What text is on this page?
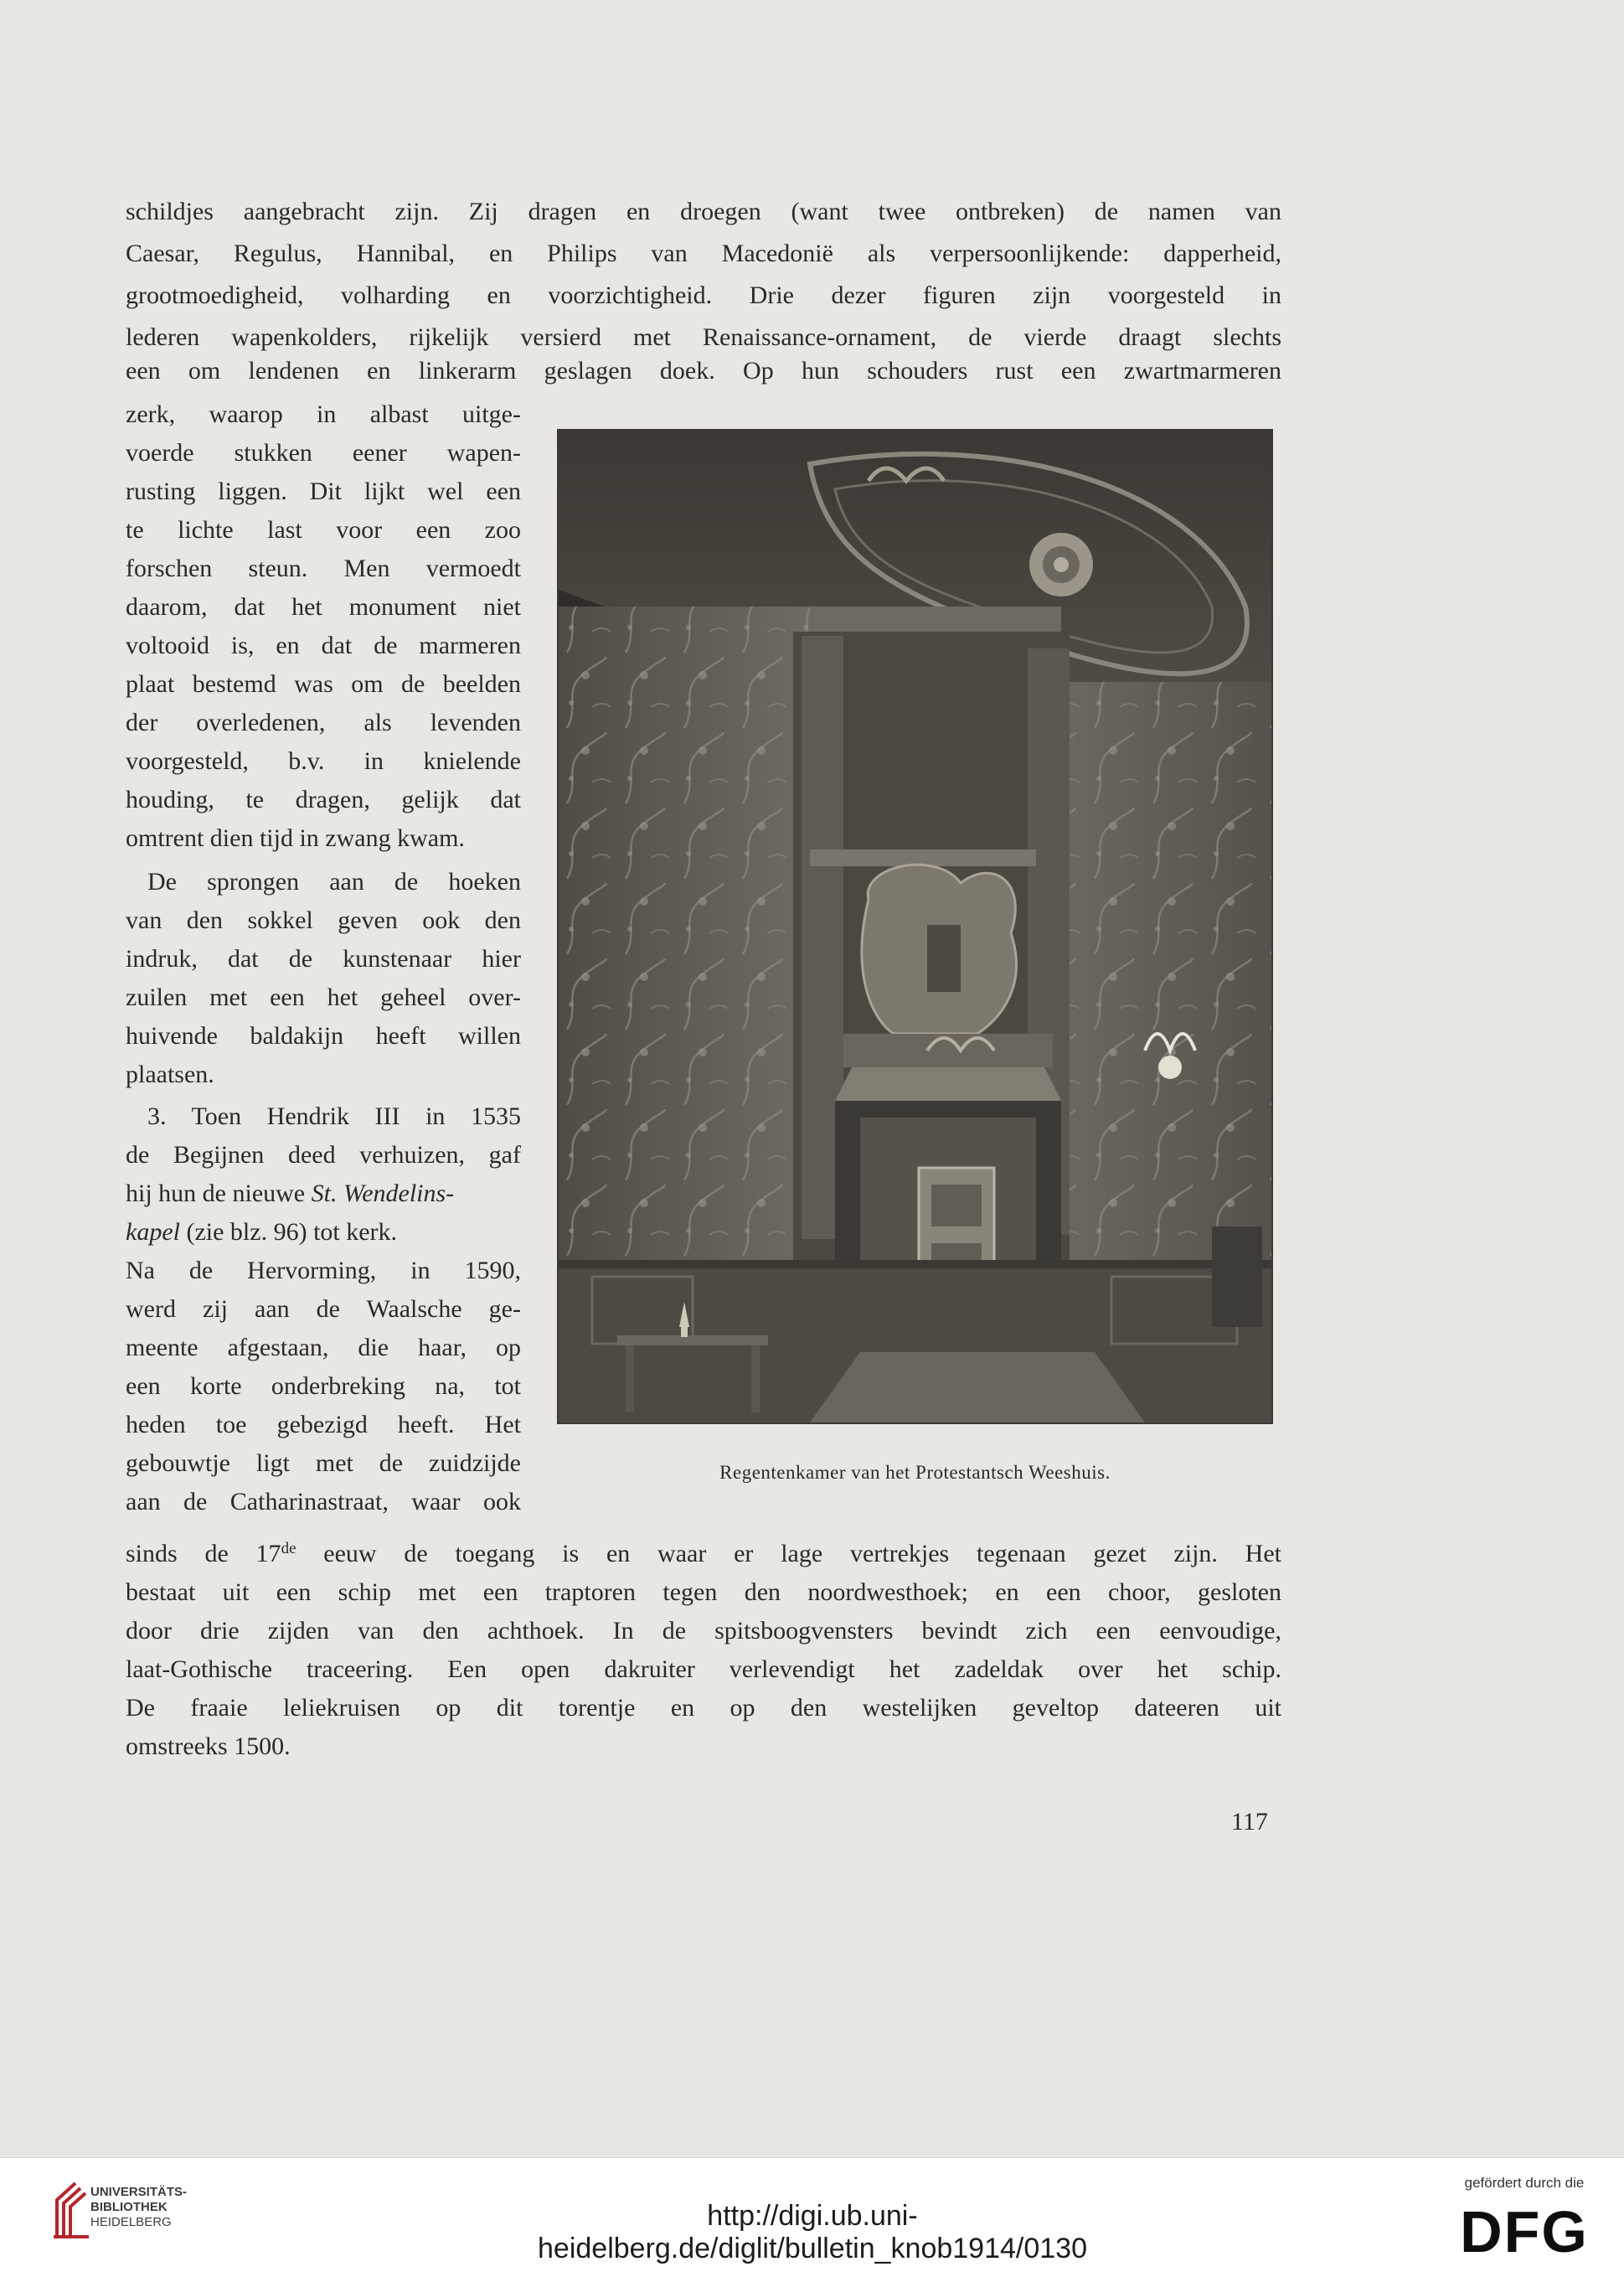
schildjes aangebracht zijn. Zij dragen en droegen (want twee ontbreken) de namen van
Caesar, Regulus, Hannibal, en Philips van Macedonië als verpersoonlijkende: dapperheid,
grootmoedigheid, volharding en voorzichtigheid. Drie dezer figuren zijn voorgesteld in
lederen wapenkolders, rijkelijk versierd met Renaissance-ornament, de vierde draagt slechts
een om lendenen en linkerarm geslagen doek. Op hun schouders rust een zwartmarmeren
zerk, waarop in albast uitge-
voerde stukken eener wapen-
rusting liggen. Dit lijkt wel een
te lichte last voor een zoo
forschen steun. Men vermoedt
daarom, dat het monument niet
voltooid is, en dat de marmeren
plaat bestemd was om de beelden
der overledenen, als levenden
voorgesteld, b.v. in knielende
houding, te dragen, gelijk dat
omtrent dien tijd in zwang kwam.
De sprongen aan de hoeken
van den sokkel geven ook den
indruk, dat de kunstenaar hier
zuilen met een het geheel over-
huivende baldakijn heeft willen
plaatsen.
3. Toen Hendrik III in 1535
de Begijnen deed verhuizen, gaf
hij hun de nieuwe St. Wendelins-
kapel (zie blz. 96) tot kerk.
Na de Hervorming, in 1590,
werd zij aan de Waalsche ge-
meente afgestaan, die haar, op
een korte onderbreking na, tot
heden toe gebezigd heeft. Het
gebouwtje ligt met de zuidzijde
aan de Catharinastraat, waar ook
Regentenkamer van het Protestantsch Weeshuis.
sinds de 17de eeuw de toegang is en waar er lage vertrekjes tegenaan gezet zijn. Het
bestaat uit een schip met een traptoren tegen den noordwesthoek; en een choor, gesloten
door drie zijden van den achthoek. In de spitsboogvensters bevindt zich een eenvoudige,
laat-Gothische traceering. Een open dakruiter verlevendigt het zadeldak over het schip.
De fraaie leliekruisen op dit torentje en op den westelijken geveltop dateeren uit
omstreeks 1500.
117
UNIVERSITÄTS-
BIBLIOTHEK
HEIDELBERG	http://digi.ub.uni-heidelberg.de/diglit/bulletin_knob1914/0130
gefördert durch die
DFG
